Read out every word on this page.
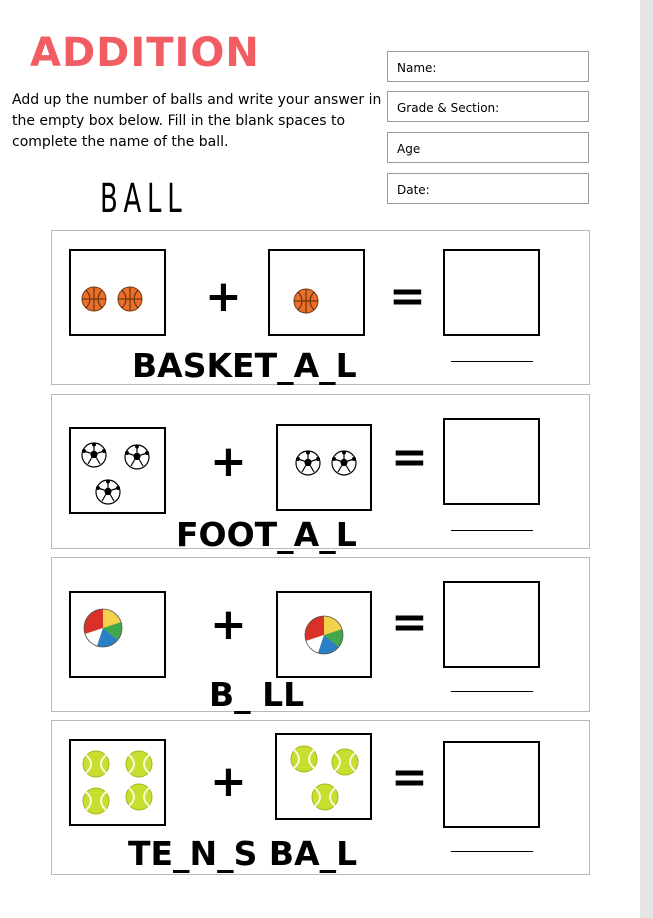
ADDITION
Add up the number of balls and write your answer in the empty box below. Fill in the blank spaces to complete the name of the ball.
Name:
Grade & Section:
Age
Date:
BALL
+	=
BASKET_A_L
+	=
FOOT_A_L
+	=
B_ LL
+	=
TE_N_S BA_L
